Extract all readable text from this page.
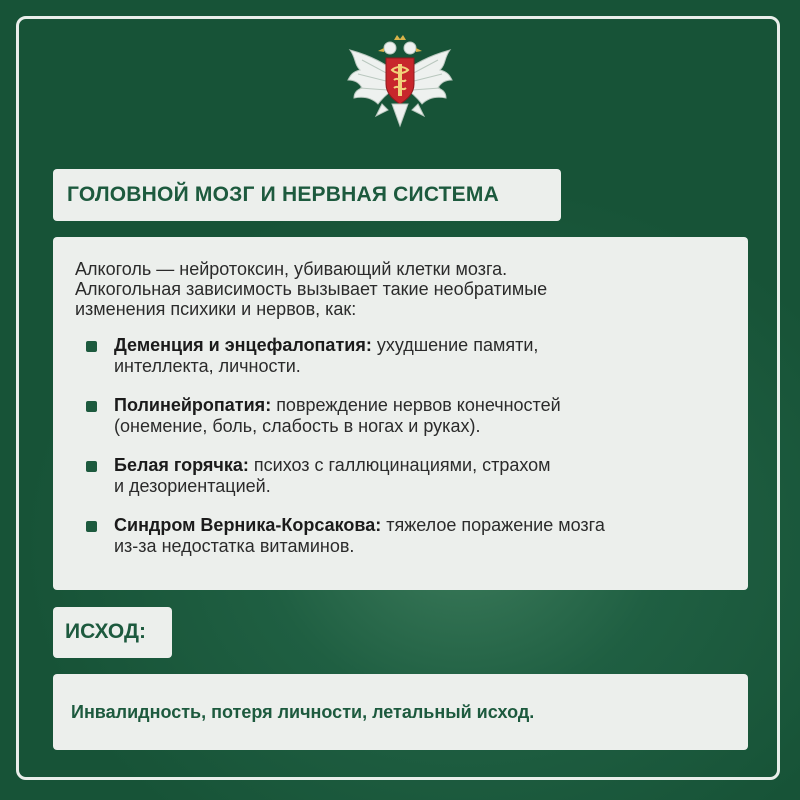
ГОЛОВНОЙ МОЗГ И НЕРВНАЯ СИСТЕМА

Алкоголь — нейротоксин, убивающий клетки мозга.
Алкогольная зависимость вызывает такие необратимые
изменения психики и нервов, как:

Деменция и энцефалопатия: ухудшение памяти,
интеллекта, личности.
Полинейропатия: повреждение нервов конечностей
(онемение, боль, слабость в ногах и руках).
Белая горячка: психоз с галлюцинациями, страхом
и дезориентацией.
Синдром Верника-Корсакова: тяжелое поражение мозга
из-за недостатка витаминов.
ИСХОД:
Инвалидность, потеря личности, летальный исход.
